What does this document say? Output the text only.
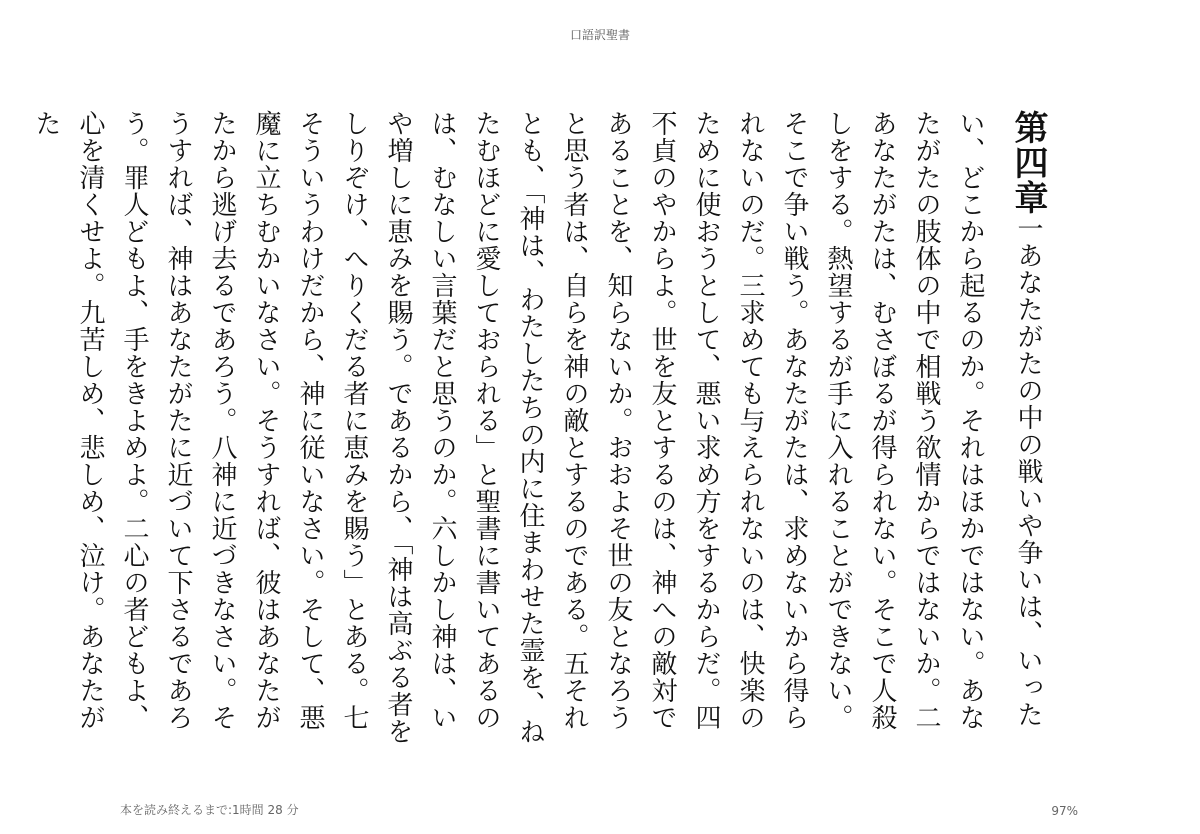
口語訳聖書
第四章一あなたがたの中の戦いや争いは、いったい、どこから起るのか。それはほかではない。あなたがたの肢体の中で相戦う欲情からではないか。二あなたがたは、むさぼるが得られない。そこで人殺しをする。熱望するが手に入れることができない。そこで争い戦う。あなたがたは、求めないから得られないのだ。三求めても与えられないのは、快楽のために使おうとして、悪い求め方をするからだ。四不貞のやからよ。世を友とするのは、神への敵対であることを、知らないか。おおよそ世の友となろうと思う者は、自らを神の敵とするのである。五それとも、「神は、わたしたちの内に住まわせた霊を、ねたむほどに愛しておられる」と聖書に書いてあるのは、むなしい言葉だと思うのか。六しかし神は、いや増しに恵みを賜う。であるから、「神は高ぶる者をしりぞけ、へりくだる者に恵みを賜う」とある。七そういうわけだから、神に従いなさい。そして、悪魔に立ちむかいなさい。そうすれば、彼はあなたがたから逃げ去るであろう。八神に近づきなさい。そうすれば、神はあなたがたに近づいて下さるであろう。罪人どもよ、手をきよめよ。二心の者どもよ、心を清くせよ。九苦しめ、悲しめ、泣け。あなたがた
本を読み終えるまで:1時間 28 分	97%
